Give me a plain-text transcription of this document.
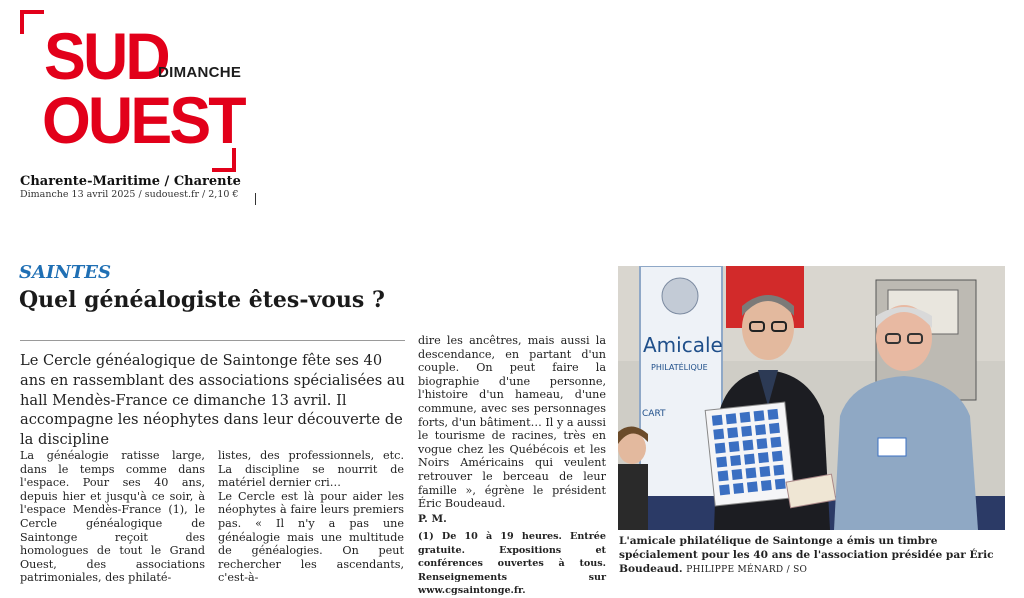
SUD
DIMANCHE
OUEST
Charente-Maritime / Charente
Dimanche 13 avril 2025 / sudouest.fr / 2,10 €
SAINTES
Quel généalogiste êtes-vous ?
Le Cercle généalogique de Saintonge fête ses 40 ans en rassemblant des associations spécialisées au hall Mendès-France ce dimanche 13 avril. Il accompagne les néophytes dans leur découverte de la discipline

La généalogie ratisse large, dans le temps comme dans l'espace. Pour ses 40 ans, depuis hier et jusqu'à ce soir, à l'espace Mendès-France (1), le Cercle généalogique de Saintonge reçoit des homologues de tout le Grand Ouest, des associations patrimoniales, des philaté-

listes, des professionnels, etc. La discipline se nourrit de matériel dernier cri…

Le Cercle est là pour aider les néophytes à faire leurs premiers pas. « Il n'y a pas une généalogie mais une multitude de généalogies. On peut rechercher les ascendants, c'est-à-

dire les ancêtres, mais aussi la descendance, en partant d'un couple. On peut faire la biographie d'une personne, l'histoire d'un hameau, d'une commune, avec ses personnages forts, d'un bâtiment… Il y a aussi le tourisme de racines, très en vogue chez les Québécois et les Noirs Américains qui veulent retrouver le berceau de leur famille », égrène le président Éric Boudeaud.

P. M.

(1) De 10 à 19 heures. Entrée gratuite. Expositions et conférences ouvertes à tous. Renseignements sur www.cgsaintonge.fr.

Amicale
PHILATÉLIQUE
CART
L'amicale philatélique de Saintonge a émis un timbre spécialement pour les 40 ans de l'association présidée par Éric Boudeaud. PHILIPPE MÉNARD / SO
